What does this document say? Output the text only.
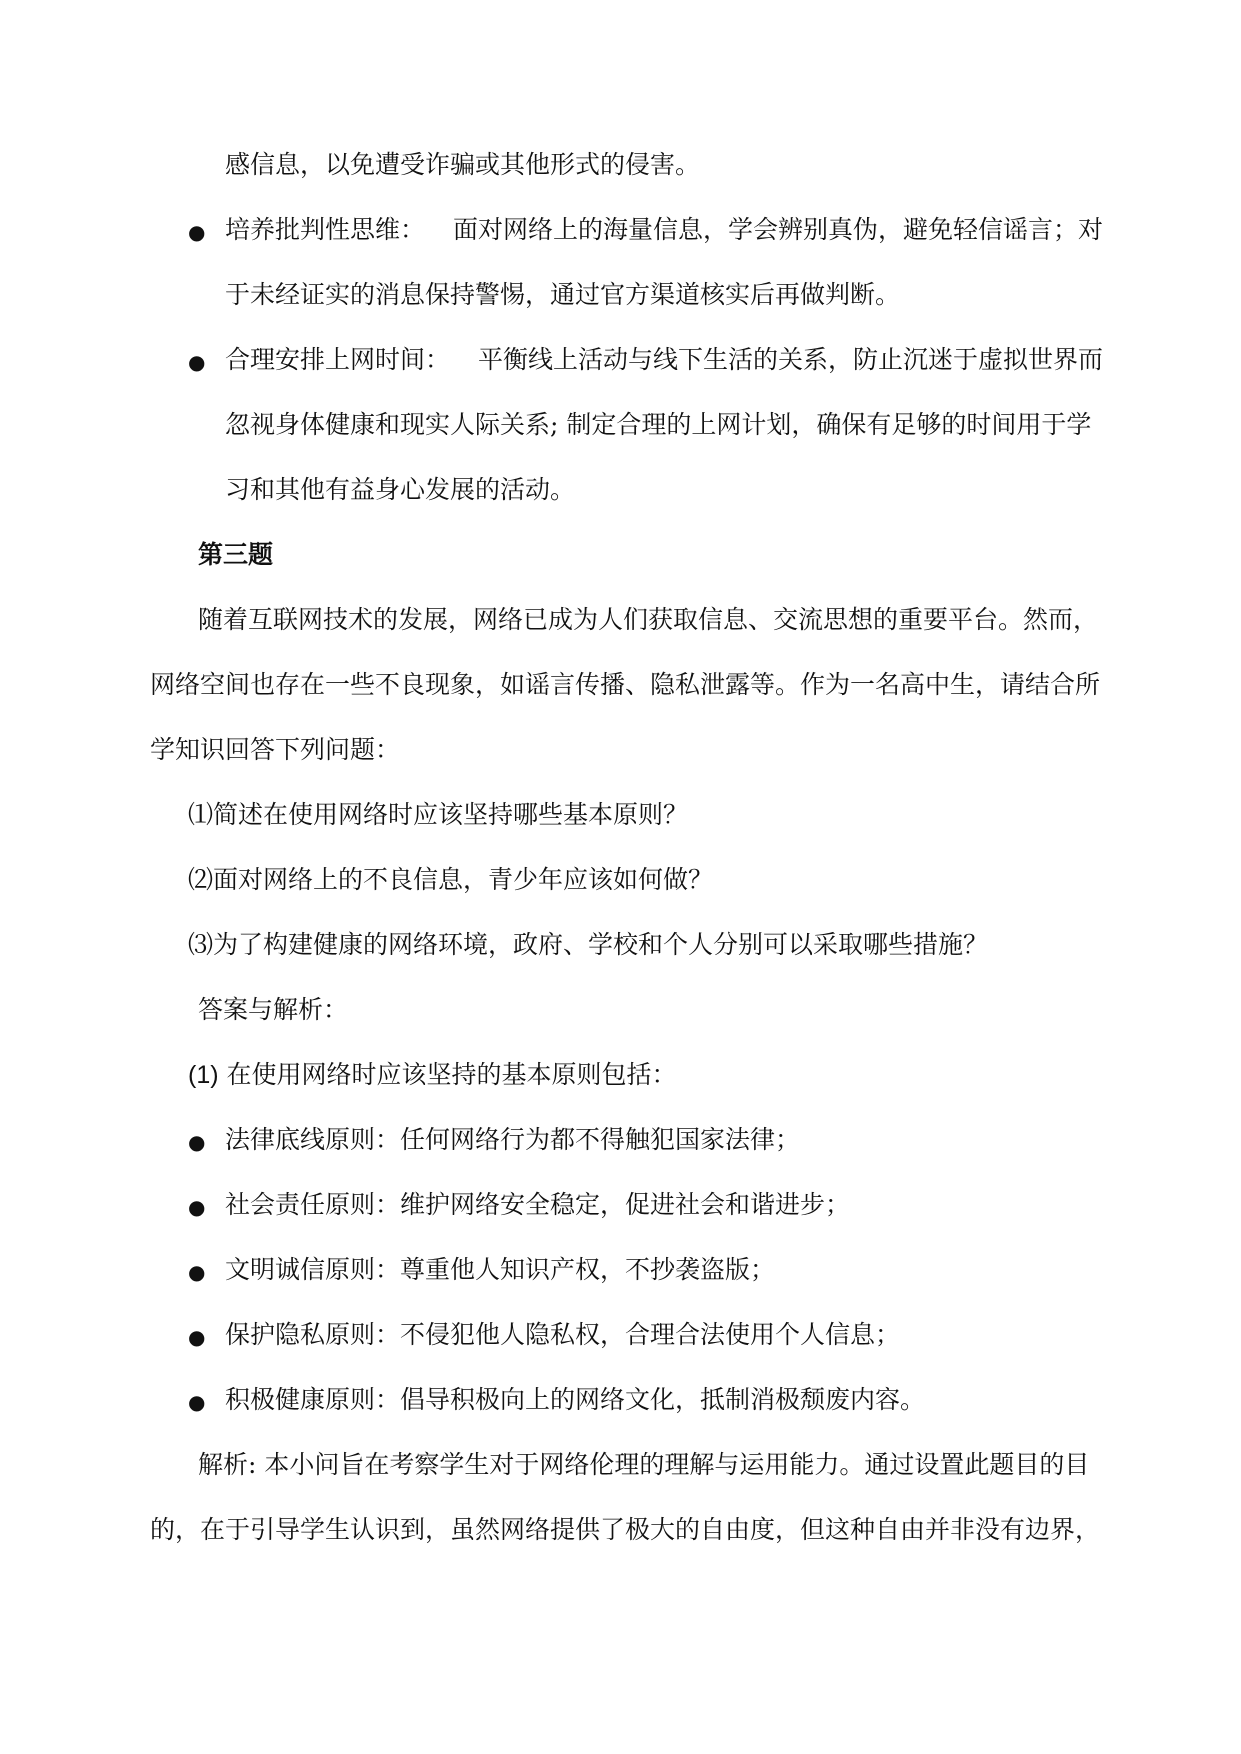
感信息，以免遭受诈骗或其他形式的侵害。
● 培养批判性思维： 面对网络上的海量信息，学会辨别真伪，避免轻信谣言；对
于未经证实的消息保持警惕，通过官方渠道核实后再做判断。
● 合理安排上网时间： 平衡线上活动与线下生活的关系，防止沉迷于虚拟世界而
忽视身体健康和现实人际关系; 制定合理的上网计划，确保有足够的时间用于学
习和其他有益身心发展的活动。
第三题
随着互联网技术的发展，网络已成为人们获取信息、交流思想的重要平台。然而，
网络空间也存在一些不良现象，如谣言传播、隐私泄露等。作为一名高中生，请结合所
学知识回答下列问题：
⑴简述在使用网络时应该坚持哪些基本原则？
⑵面对网络上的不良信息，青少年应该如何做？
⑶为了构建健康的网络环境，政府、学校和个人分别可以采取哪些措施？
答案与解析：
(1) 在使用网络时应该坚持的基本原则包括：
● 法律底线原则：任何网络行为都不得触犯国家法律；
● 社会责任原则：维护网络安全稳定，促进社会和谐进步；
● 文明诚信原则：尊重他人知识产权，不抄袭盗版；
● 保护隐私原则：不侵犯他人隐私权，合理合法使用个人信息；
● 积极健康原则：倡导积极向上的网络文化，抵制消极颓废内容。
解析: 本小问旨在考察学生对于网络伦理的理解与运用能力。通过设置此题目的目
的，在于引导学生认识到，虽然网络提供了极大的自由度，但这种自由并非没有边界，
